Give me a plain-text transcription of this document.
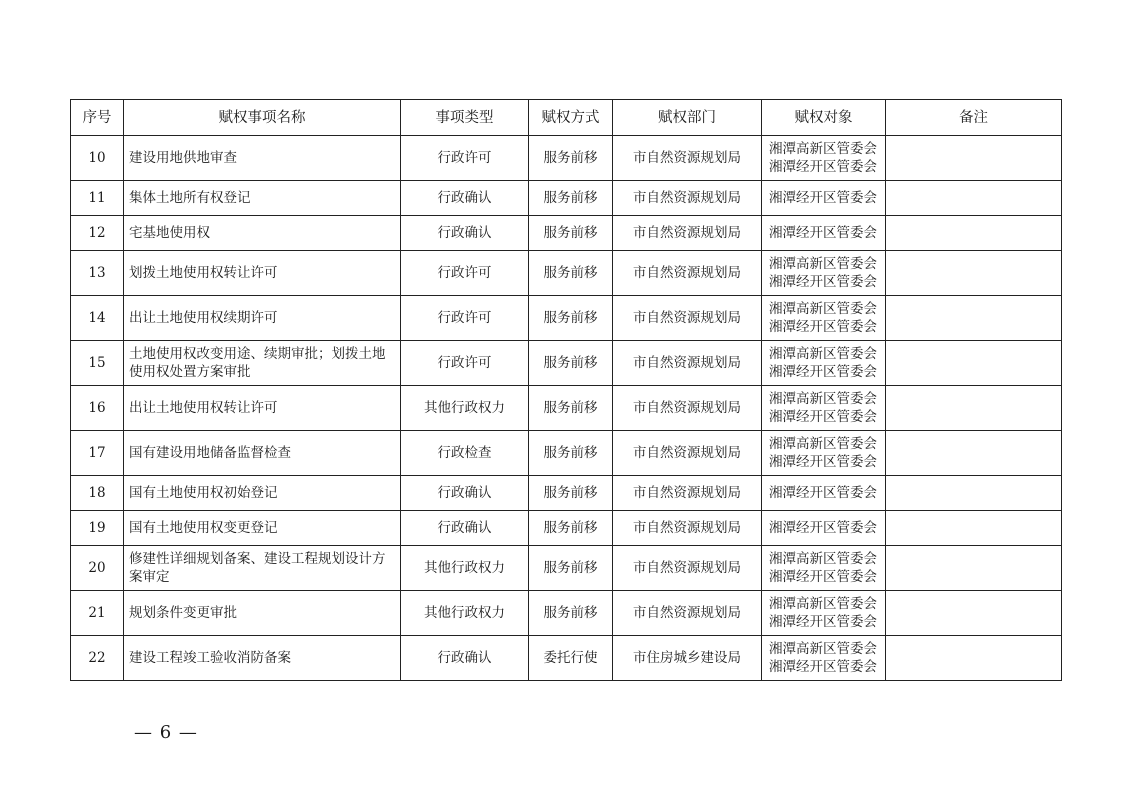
序号	赋权事项名称	事项类型	赋权方式	赋权部门	赋权对象	备注
10	建设用地供地审查	行政许可	服务前移	市自然资源规划局	湘潭高新区管委会
湘潭经开区管委会	

11	集体土地所有权登记	行政确认	服务前移	市自然资源规划局	湘潭经开区管委会	

12	宅基地使用权	行政确认	服务前移	市自然资源规划局	湘潭经开区管委会	

13	划拨土地使用权转让许可	行政许可	服务前移	市自然资源规划局	湘潭高新区管委会
湘潭经开区管委会	

14	出让土地使用权续期许可	行政许可	服务前移	市自然资源规划局	湘潭高新区管委会
湘潭经开区管委会	

15	土地使用权改变用途、续期审批；划拨土地使用权处置方案审批	行政许可	服务前移	市自然资源规划局	湘潭高新区管委会
湘潭经开区管委会	

16	出让土地使用权转让许可	其他行政权力	服务前移	市自然资源规划局	湘潭高新区管委会
湘潭经开区管委会	

17	国有建设用地储备监督检查	行政检查	服务前移	市自然资源规划局	湘潭高新区管委会
湘潭经开区管委会	

18	国有土地使用权初始登记	行政确认	服务前移	市自然资源规划局	湘潭经开区管委会	

19	国有土地使用权变更登记	行政确认	服务前移	市自然资源规划局	湘潭经开区管委会	

20	修建性详细规划备案、建设工程规划设计方案审定	其他行政权力	服务前移	市自然资源规划局	湘潭高新区管委会
湘潭经开区管委会	

21	规划条件变更审批	其他行政权力	服务前移	市自然资源规划局	湘潭高新区管委会
湘潭经开区管委会	

22	建设工程竣工验收消防备案	行政确认	委托行使	市住房城乡建设局	湘潭高新区管委会
湘潭经开区管委会	

— 6 —
